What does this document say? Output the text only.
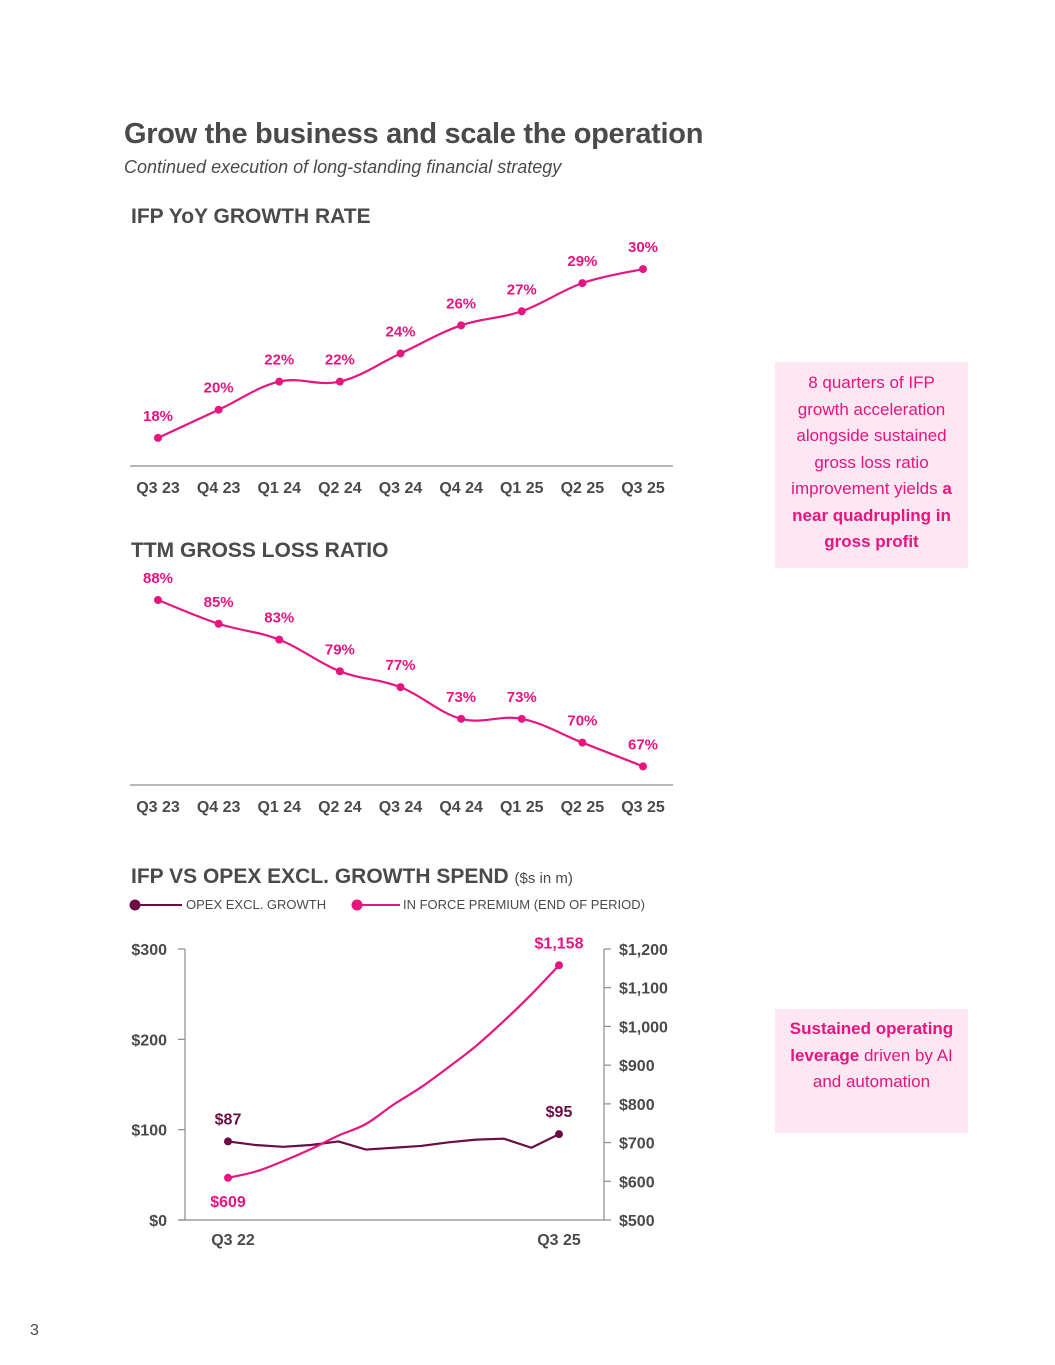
Grow the business and scale the operation
Continued execution of long-standing financial strategy
IFP YoY GROWTH RATE
18%
Q3 23
20%
Q4 23
22%
Q1 24
22%
Q2 24
24%
Q3 24
26%
Q4 24
27%
Q1 25
29%
Q2 25
30%
Q3 25
TTM GROSS LOSS RATIO
88%
Q3 23
85%
Q4 23
83%
Q1 24
79%
Q2 24
77%
Q3 24
73%
Q4 24
73%
Q1 25
70%
Q2 25
67%
Q3 25
IFP VS OPEX EXCL. GROWTH SPEND ($s in m)
OPEX EXCL. GROWTH	IN FORCE PREMIUM (END OF PERIOD)
$300
$200
$100
$0
$1,200
$1,100
$1,000
$900
$800
$700
$600
$500
Q3 22	Q3 25
$87	$95
$609
$1,158
8 quarters of IFP growth acceleration alongside sustained gross loss ratio improvement yields a near quadrupling in gross profit
Sustained operating leverage driven by AI and automation
3
